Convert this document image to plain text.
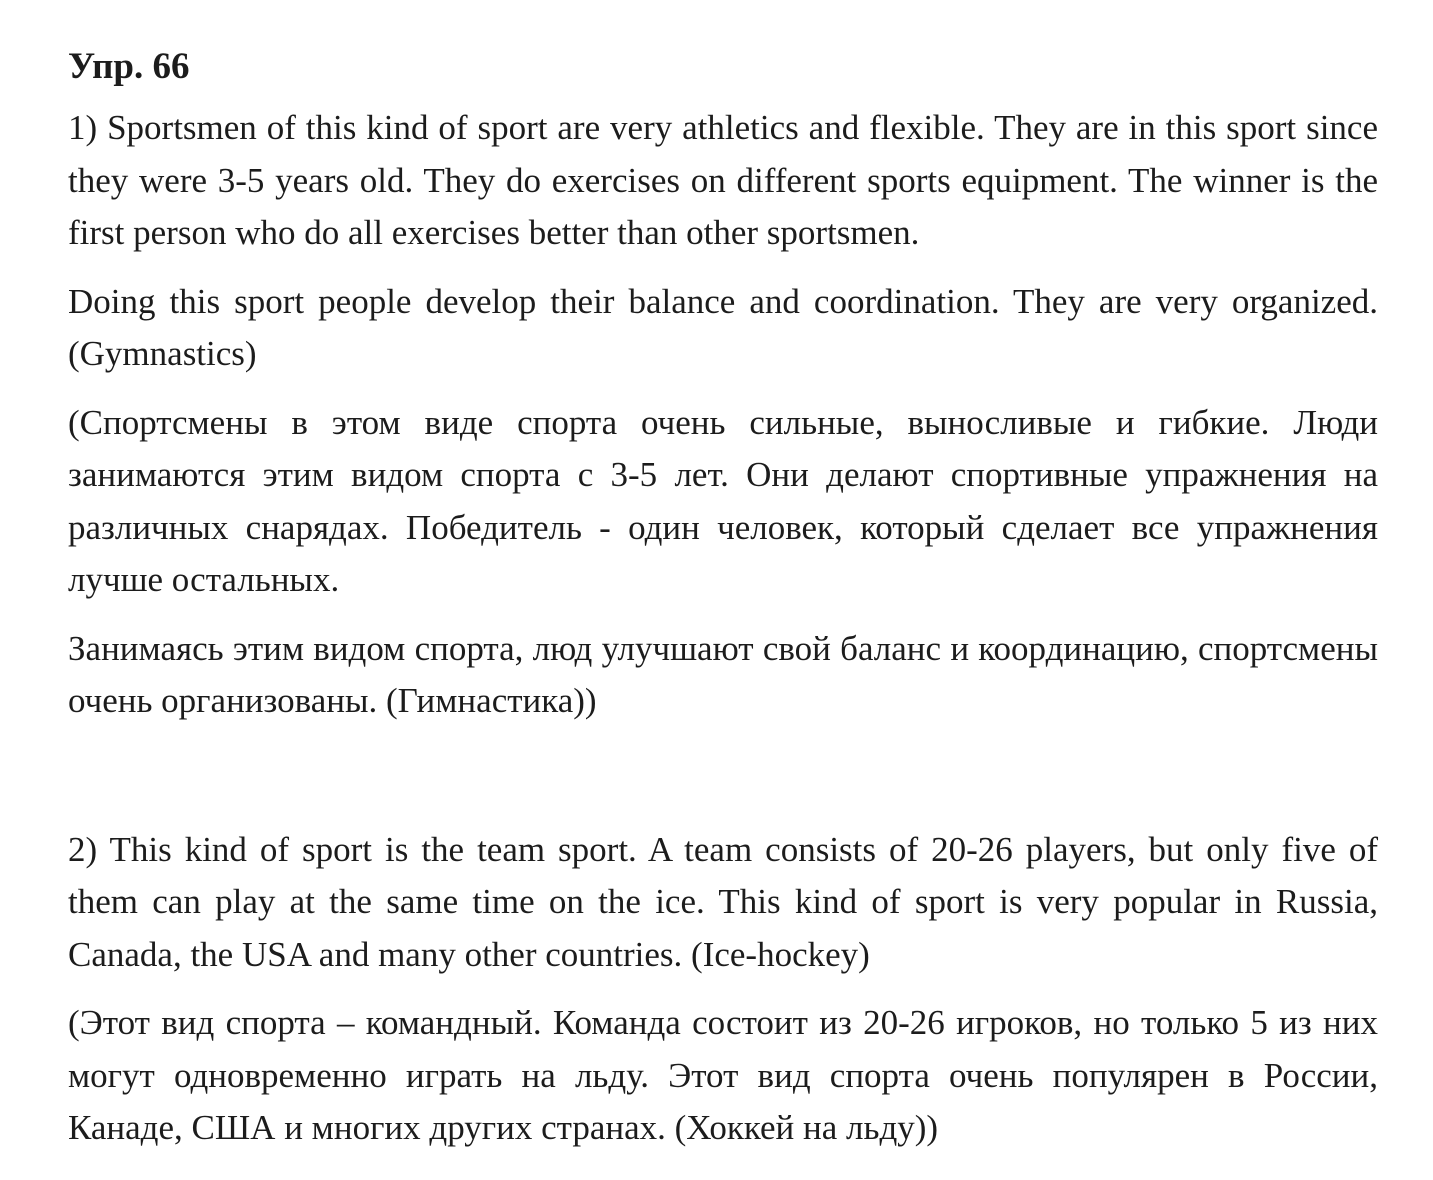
Упр. 66

1) Sportsmen of this kind of sport are very athletics and flexible. They are in this sport since they were 3-5 years old. They do exercises on different sports equipment. The winner is the first person who do all exercises better than other sportsmen.

Doing this sport people develop their balance and coordination. They are very organized. (Gymnastics)

(Спортсмены в этом виде спорта очень сильные, выносливые и гибкие. Люди занимаются этим видом спорта с 3-5 лет. Они делают спортивные упражнения на различных снарядах. Победитель - один человек, который сделает все упражнения лучше остальных.

Занимаясь этим видом спорта, люд улучшают свой баланс и координацию, спортсмены очень организованы. (Гимнастика))

2) This kind of sport is the team sport. A team consists of 20-26 players, but only five of them can play at the same time on the ice. This kind of sport is very popular in Russia, Canada, the USA and many other countries. (Ice-hockey)

(Этот вид спорта – командный. Команда состоит из 20-26 игроков, но только 5 из них могут одновременно играть на льду. Этот вид спорта очень популярен в России, Канаде, США и многих других странах. (Хоккей на льду))
